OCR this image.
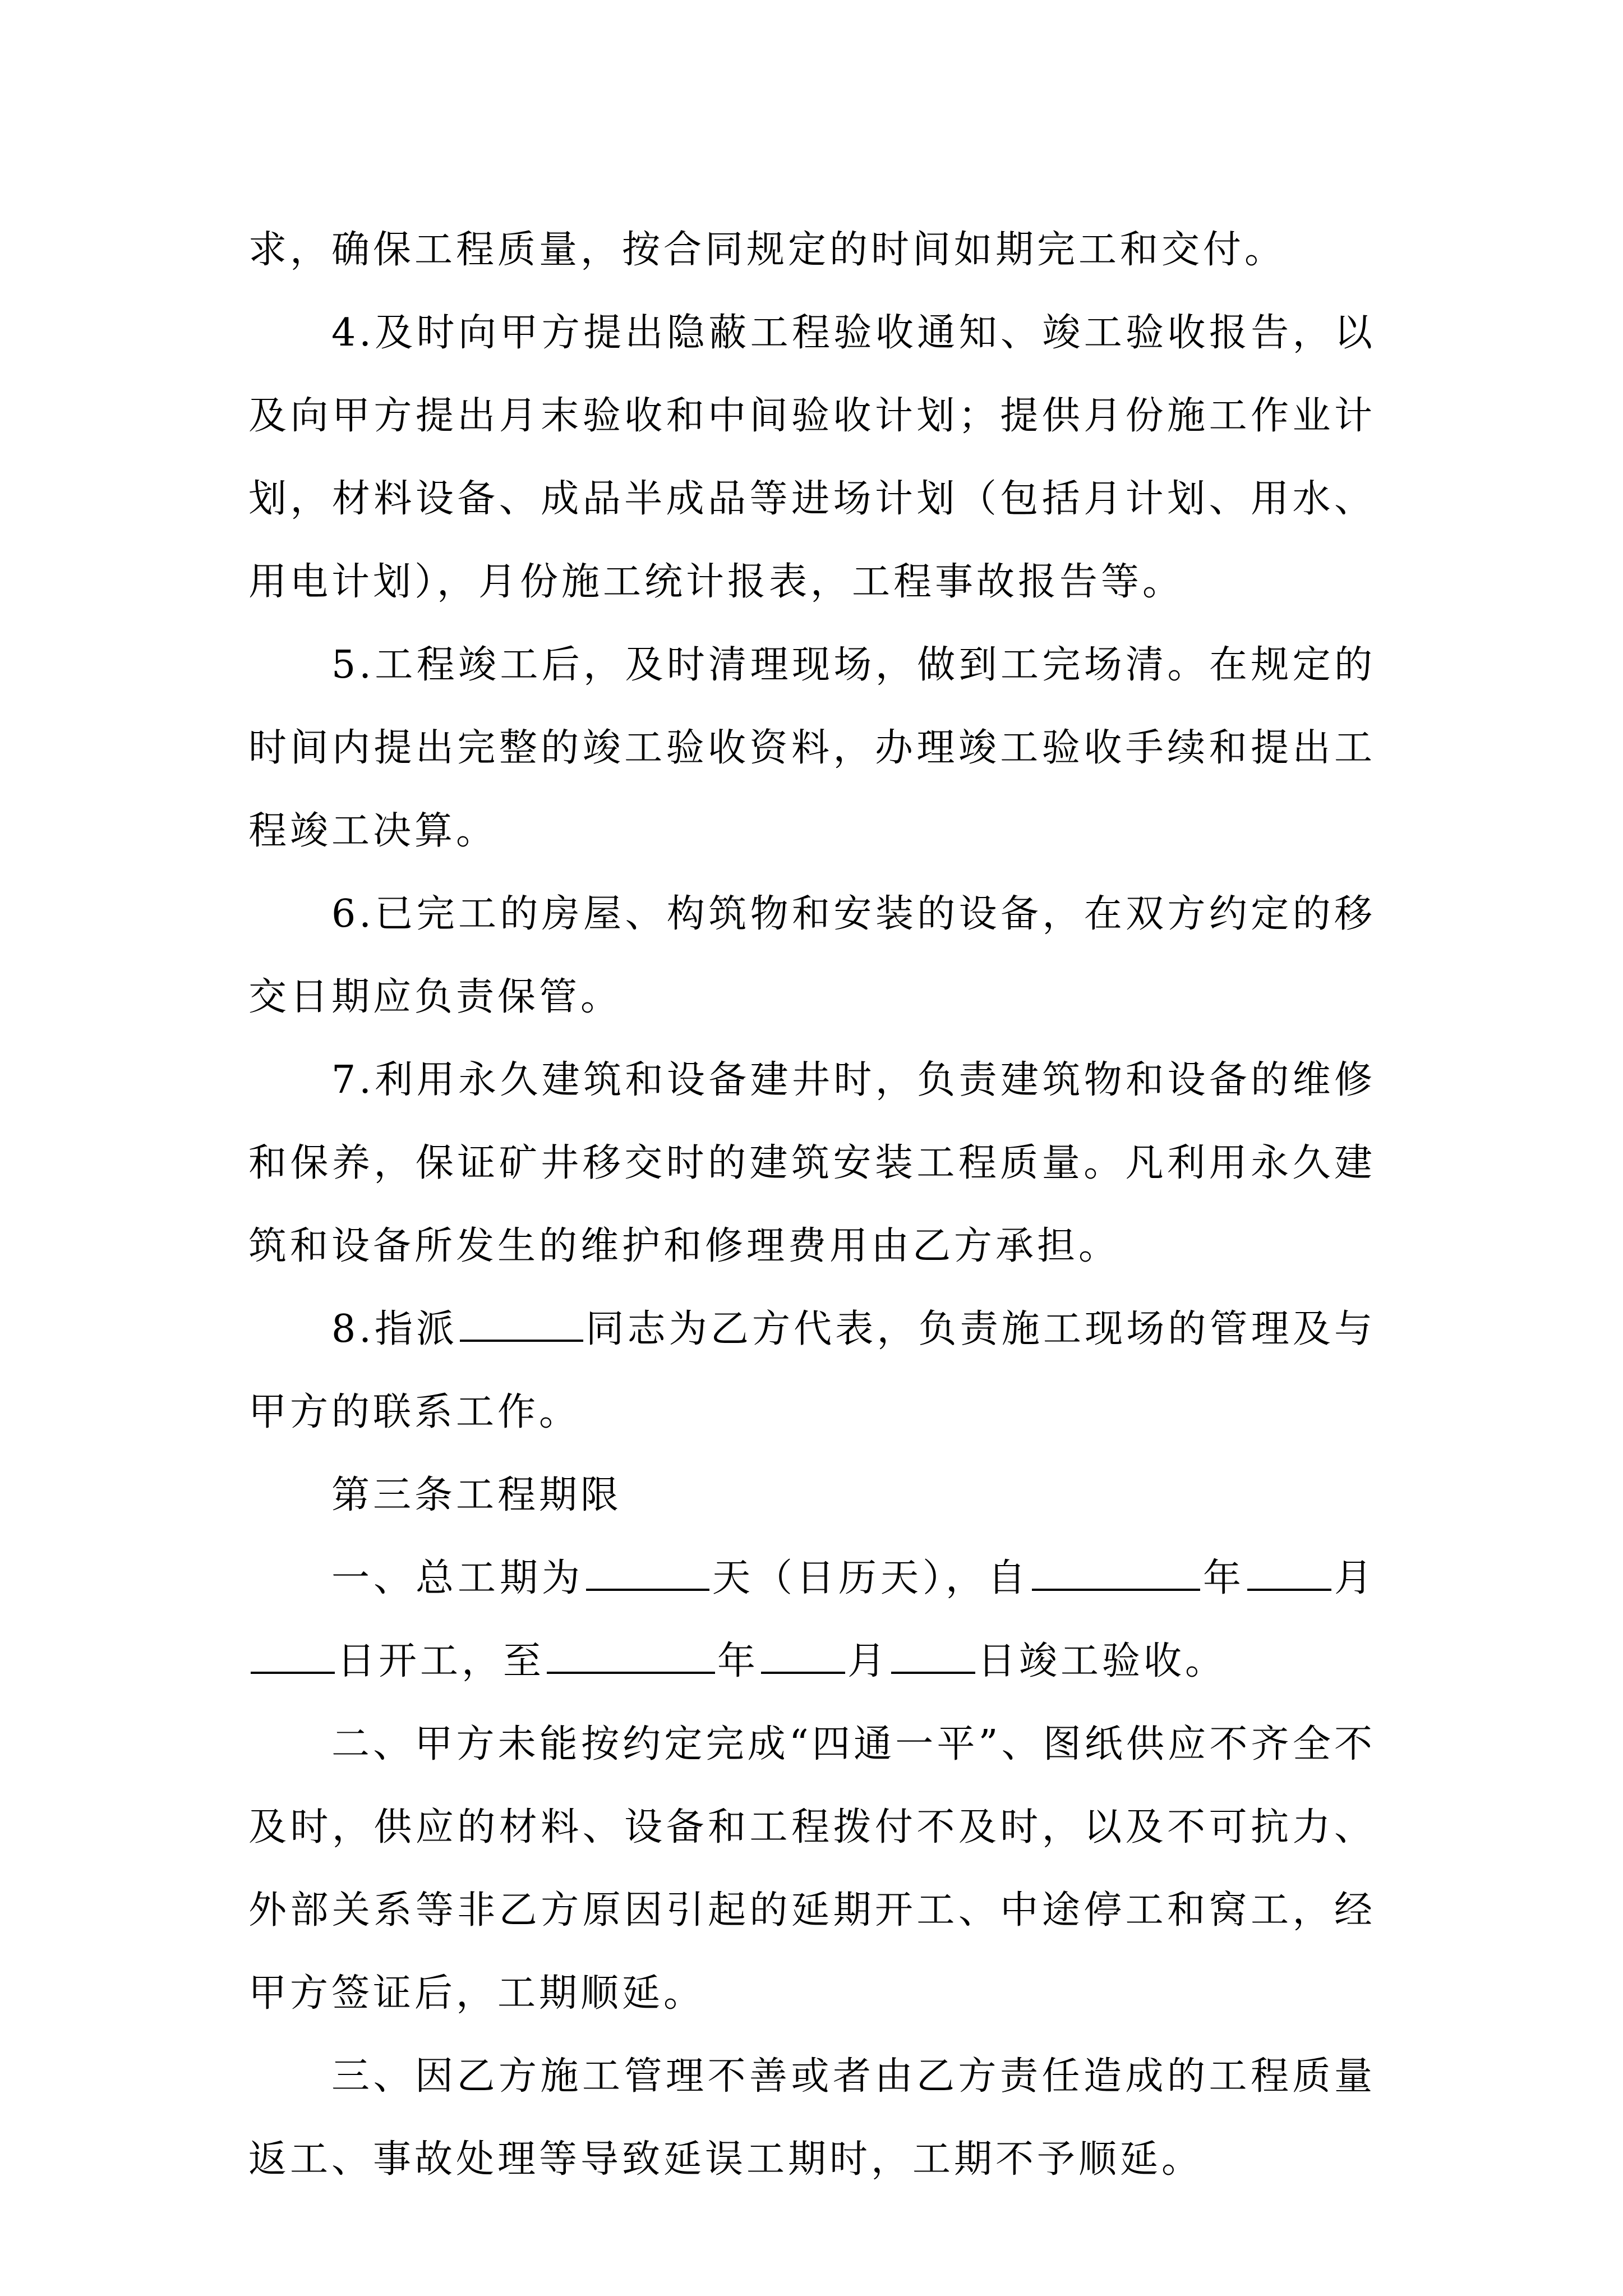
求，确保工程质量，按合同规定的时间如期完工和交付。

4.及时向甲方提出隐蔽工程验收通知、竣工验收报告，以及向甲方提出月末验收和中间验收计划；提供月份施工作业计划，材料设备、成品半成品等进场计划（包括月计划、用水、用电计划），月份施工统计报表，工程事故报告等。

5.工程竣工后，及时清理现场，做到工完场清。在规定的时间内提出完整的竣工验收资料，办理竣工验收手续和提出工程竣工决算。

6.已完工的房屋、构筑物和安装的设备，在双方约定的移交日期应负责保管。

7.利用永久建筑和设备建井时，负责建筑物和设备的维修和保养，保证矿井移交时的建筑安装工程质量。凡利用永久建筑和设备所发生的维护和修理费用由乙方承担。

8.指派	同志为乙方代表，负责施工现场的管理及与甲方的联系工作。

第三条工程期限

一、总工期为	天（日历天），自	年 月日开工，至	年 月 日竣工验收。

二、甲方未能按约定完成“四通一平”、图纸供应不齐全不及时，供应的材料、设备和工程拨付不及时，以及不可抗力、外部关系等非乙方原因引起的延期开工、中途停工和窝工，经甲方签证后，工期顺延。

三、因乙方施工管理不善或者由乙方责任造成的工程质量返工、事故处理等导致延误工期时，工期不予顺延。
